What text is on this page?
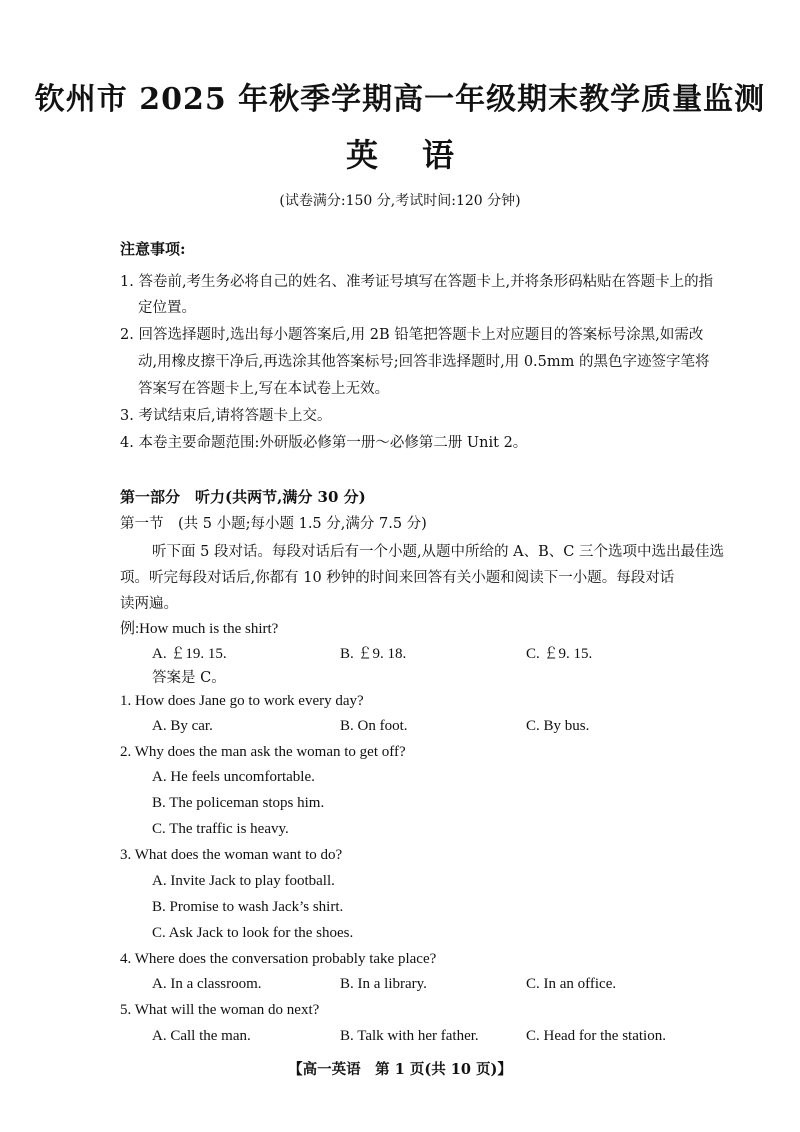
钦州市 2025 年秋季学期高一年级期末教学质量监测
英 语
(试卷满分:150 分,考试时间:120 分钟)
注意事项:
1. 答卷前,考生务必将自己的姓名、准考证号填写在答题卡上,并将条形码粘贴在答题卡上的指
定位置。
2. 回答选择题时,选出每小题答案后,用 2B 铅笔把答题卡上对应题目的答案标号涂黑,如需改
动,用橡皮擦干净后,再选涂其他答案标号;回答非选择题时,用 0.5mm 的黑色字迹签字笔将
答案写在答题卡上,写在本试卷上无效。
3. 考试结束后,请将答题卡上交。
4. 本卷主要命题范围:外研版必修第一册～必修第二册 Unit 2。
第一部分　听力(共两节,满分 30 分)
第一节　(共 5 小题;每小题 1.5 分,满分 7.5 分)
听下面 5 段对话。每段对话后有一个小题,从题中所给的 A、B、C 三个选项中选出最佳选
项。听完每段对话后,你都有 10 秒钟的时间来回答有关小题和阅读下一小题。每段对话
读两遍。
例:How much is the shirt?
A. ￡19. 15.	B. ￡9. 18.	C. ￡9. 15.
答案是 C。
1. How does Jane go to work every day?
A. By car.	B. On foot.	C. By bus.
2. Why does the man ask the woman to get off?
A. He feels uncomfortable.
B. The policeman stops him.
C. The traffic is heavy.
3. What does the woman want to do?
A. Invite Jack to play football.
B. Promise to wash Jack’s shirt.
C. Ask Jack to look for the shoes.
4. Where does the conversation probably take place?
A. In a classroom.	B. In a library.	C. In an office.
5. What will the woman do next?
A. Call the man.	B. Talk with her father.	C. Head for the station.
【高一英语　第 1 页(共 10 页)】
